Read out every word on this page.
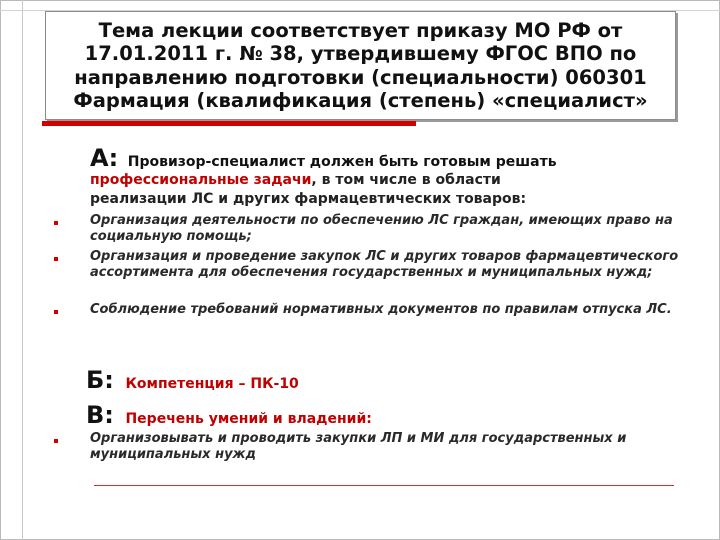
Тема лекции соответствует приказу МО РФ от
17.01.2011 г. № 38, утвердившему ФГОС ВПО по
направлению подготовки (специальности) 060301
Фармация (квалификация (степень) «специалист»
А: Провизор-специалист должен быть готовым решать
профессиональные задачи, в том числе в области
реализации ЛС и других фармацевтических товаров:
Организация деятельности по обеспечению ЛС граждан, имеющих право на социальную помощь;
Организация и проведение закупок ЛС и других товаров фармацевтического ассортимента для обеспечения государственных и муниципальных нужд;
Соблюдение требований нормативных документов по правилам отпуска ЛС.
Б: Компетенция – ПК-10
В: Перечень умений и владений:
Организовывать и проводить закупки ЛП и МИ для государственных и муниципальных нужд
